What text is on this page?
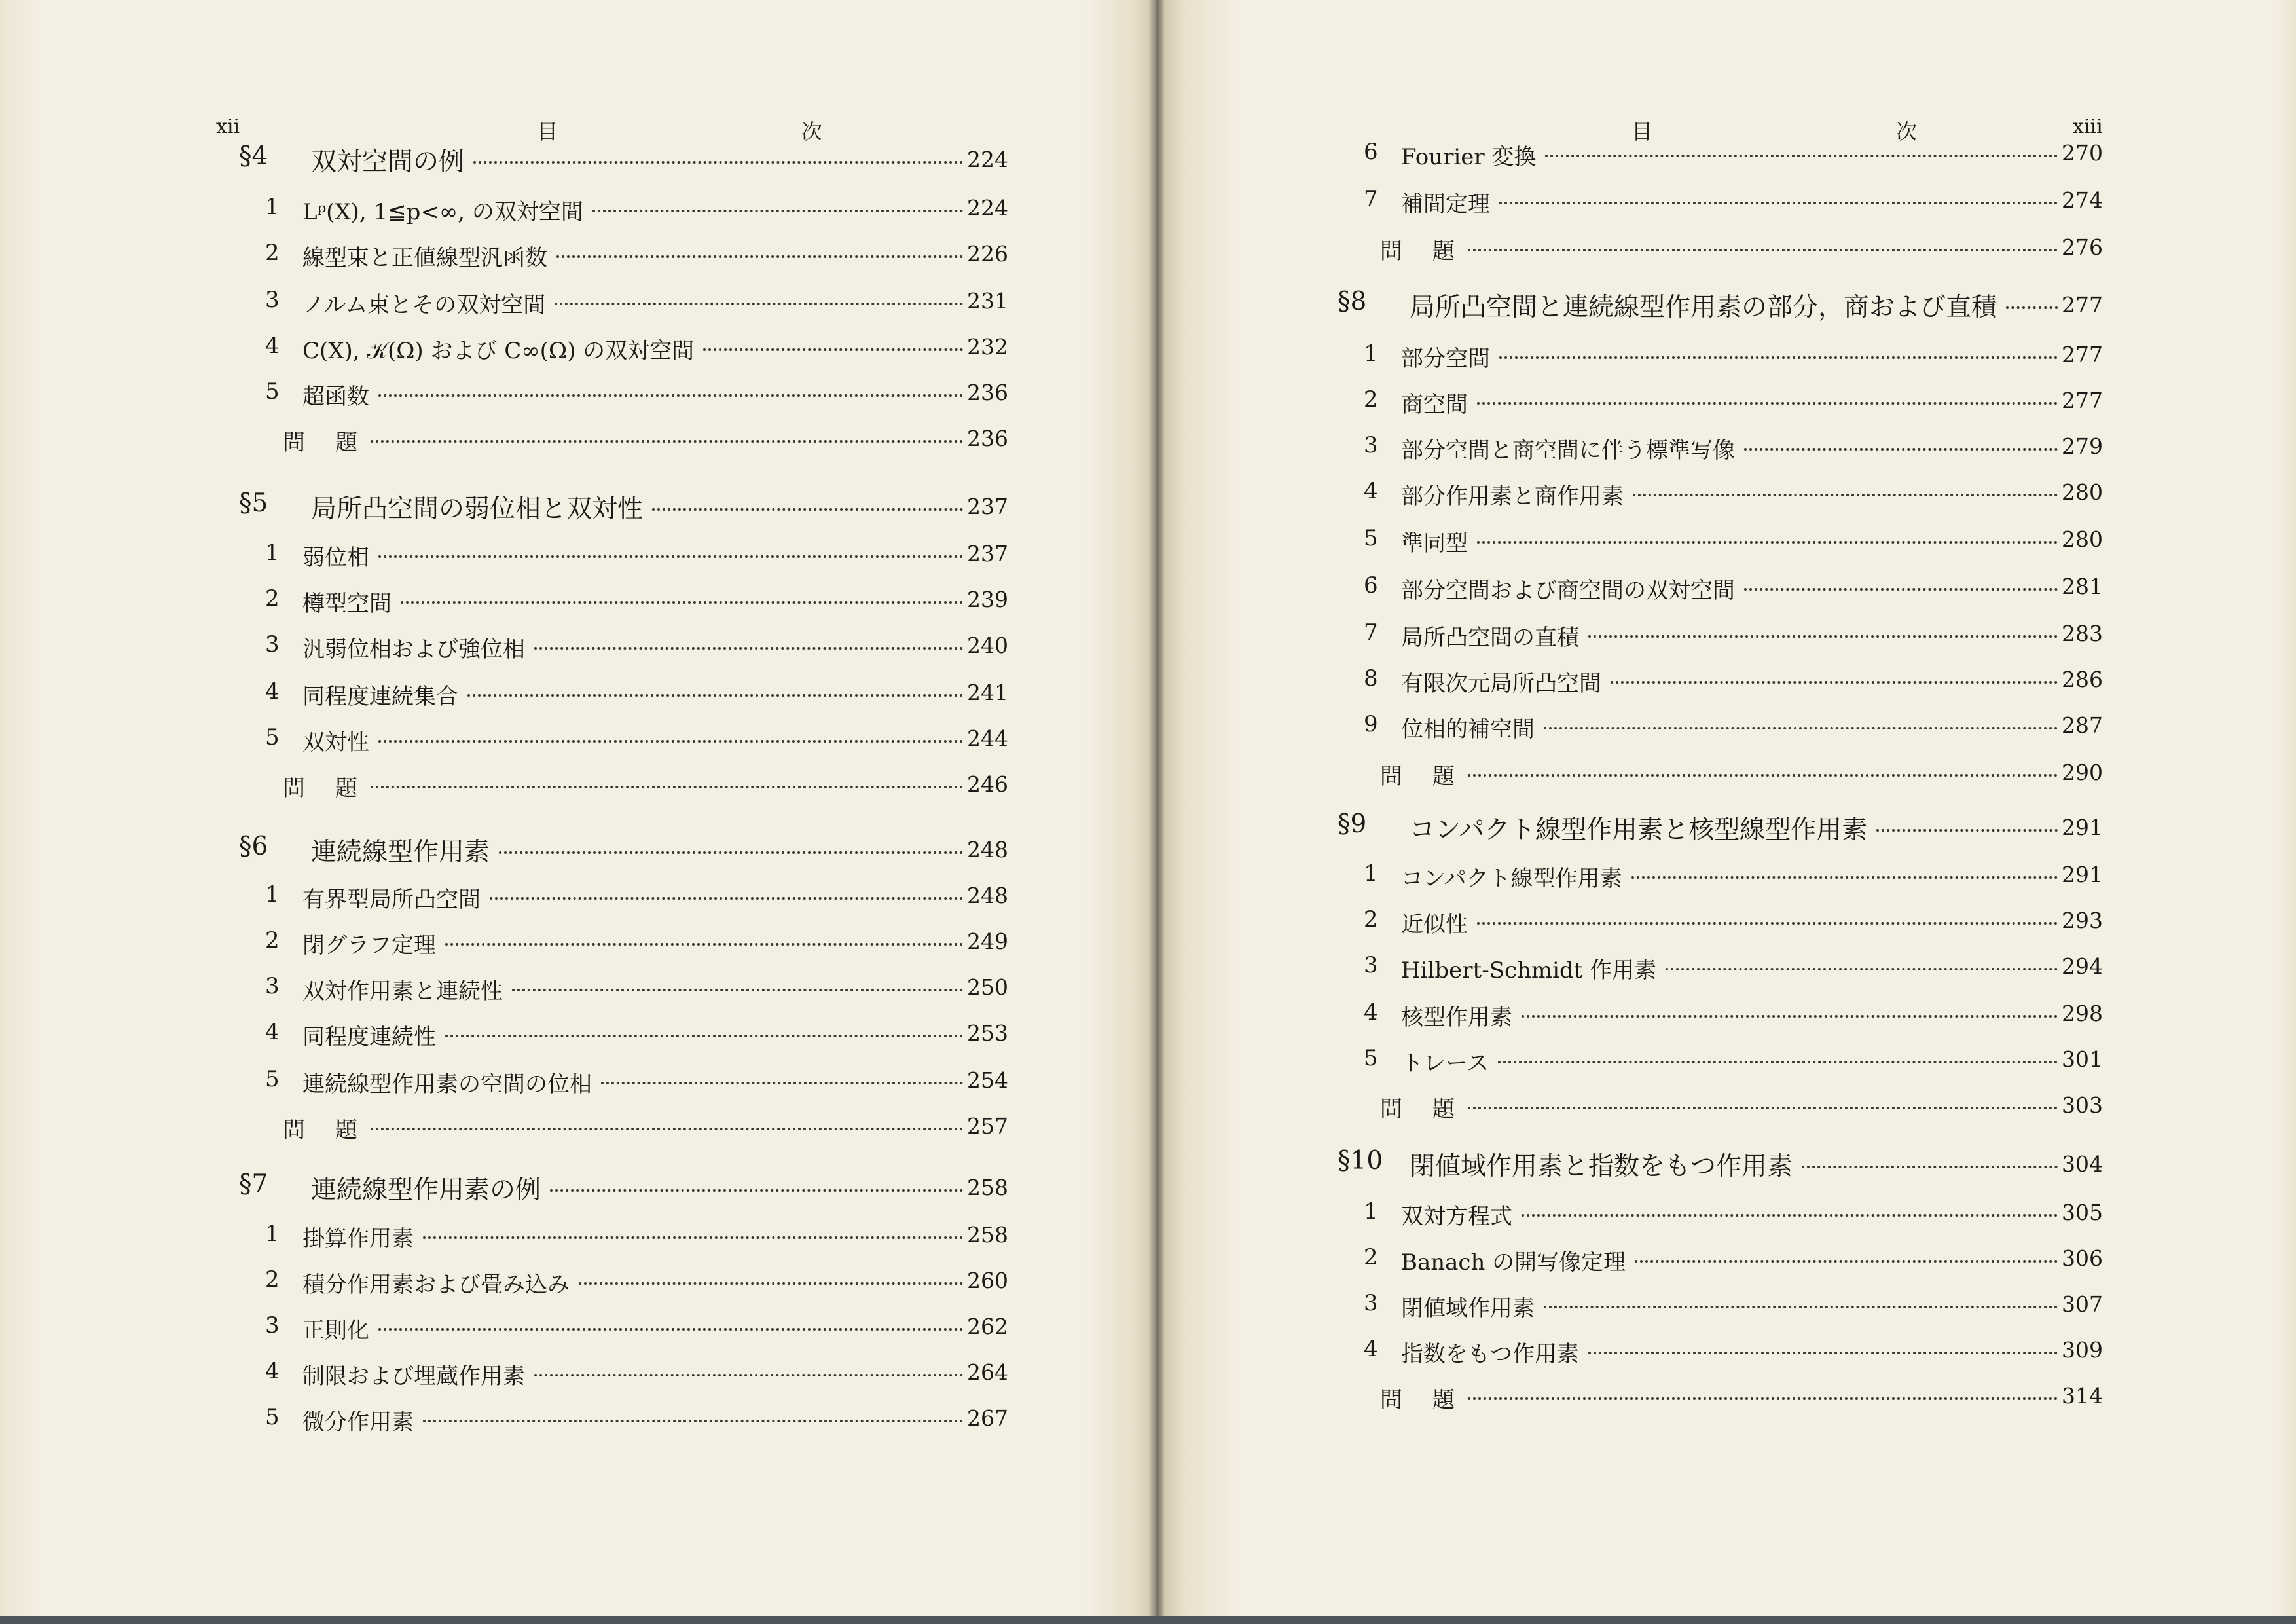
xii	目　次
§4 双対空間の例	224
1 Lᵖ(X), 1≦p<∞, の双対空間	224
2 線型束と正値線型汎函数	226
3 ノルム束とその双対空間	231
4 C(X), 𝒦(Ω) および C∞(Ω) の双対空間	232
5 超函数	236
問題	236
§5 局所凸空間の弱位相と双対性	237
1 弱位相	237
2 樽型空間	239
3 汎弱位相および強位相	240
4 同程度連続集合	241
5 双対性	244
問題	246
§6 連続線型作用素	248
1 有界型局所凸空間	248
2 閉グラフ定理	249
3 双対作用素と連続性	250
4 同程度連続性	253
5 連続線型作用素の空間の位相	254
問題	257
§7 連続線型作用素の例	258
1 掛算作用素	258
2 積分作用素および畳み込み	260
3 正則化	262
4 制限および埋蔵作用素	264
5 微分作用素	267
目　次 xiii
6 Fourier 変換	270
7 補間定理	274
問題	276
§8 局所凸空間と連続線型作用素の部分，商および直積	277
1 部分空間	277
2 商空間	277
3 部分空間と商空間に伴う標準写像	279
4 部分作用素と商作用素	280
5 準同型	280
6 部分空間および商空間の双対空間	281
7 局所凸空間の直積	283
8 有限次元局所凸空間	286
9 位相的補空間	287
問題	290
§9 コンパクト線型作用素と核型線型作用素	291
1 コンパクト線型作用素	291
2 近似性	293
3 Hilbert-Schmidt 作用素	294
4 核型作用素	298
5 トレース	301
問題	303
§10 閉値域作用素と指数をもつ作用素	304
1 双対方程式	305
2 Banach の開写像定理	306
3 閉値域作用素	307
4 指数をもつ作用素	309
問題	314
